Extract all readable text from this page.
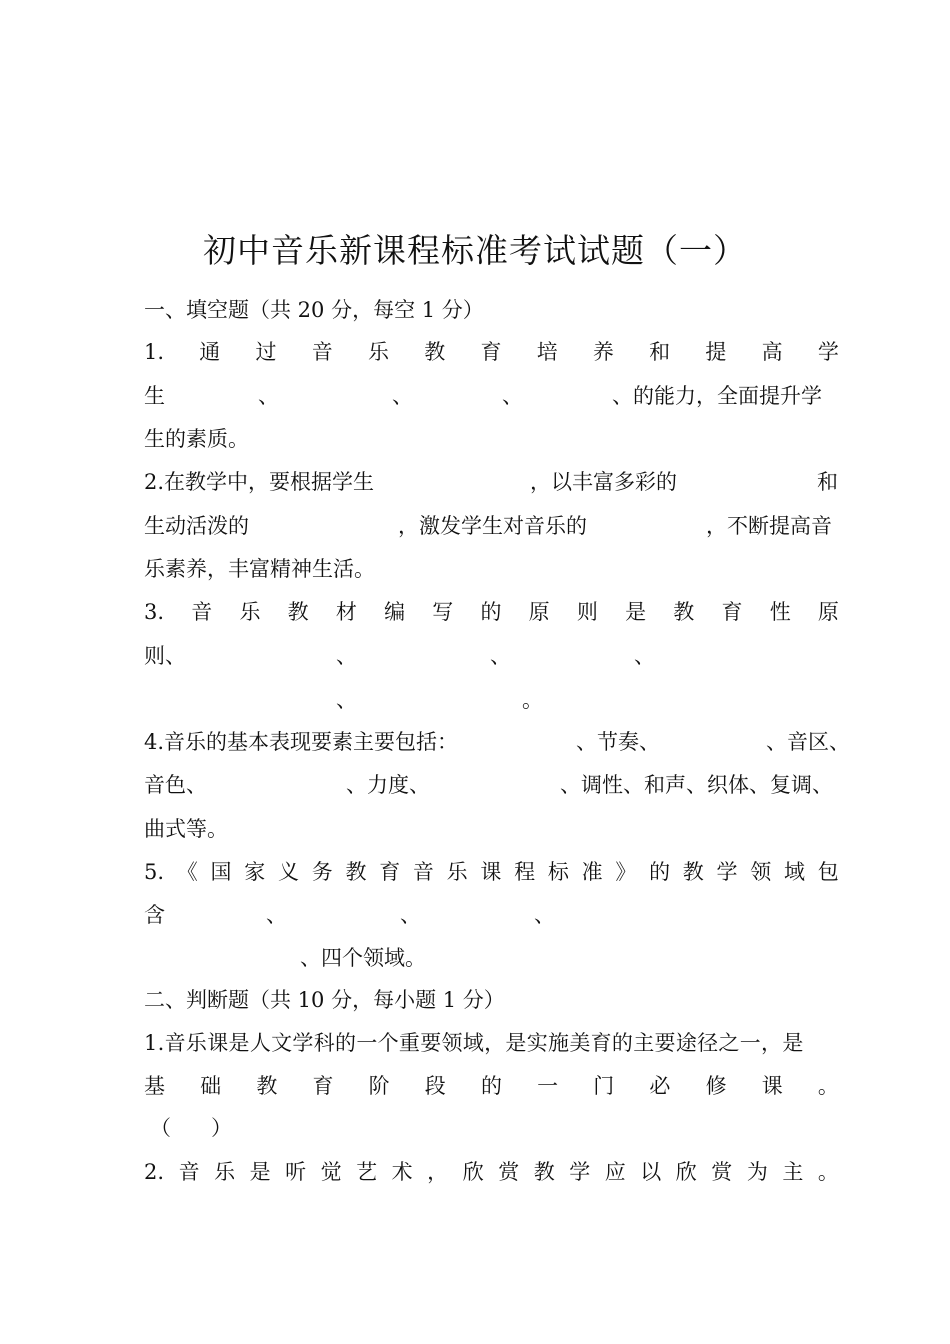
初中音乐新课程标准考试试题（一）
一、填空题（共 20 分，每空 1 分）
1. 通 过 音 乐 教 育 培 养 和 提 高 学
生	、	、	、	、的能力，全面提升学
生的素质。
2.在教学中，要根据学生	，以丰富多彩的	和
生动活泼的	，激发学生对音乐的	，不断提高音
乐素养，丰富精神生活。
3. 音 乐 教 材 编 写 的 原 则 是 教 育 性 原
则、	、	、	、
、	。
4.音乐的基本表现要素主要包括：	、节奏、	、音区、
音色、	、力度、	、调性、和声、织体、复调、
曲式等。
5. 《 国 家 义 务 教 育 音 乐 课 程 标 准 》 的 教 学 领 域 包
含	、	、	、
、四个领域。
二、判断题（共 10 分，每小题 1 分）
1.音乐课是人文学科的一个重要领域，是实施美育的主要途径之一，是
基 础 教 育 阶 段 的 一 门 必 修 课 。
（      ）
2. 音 乐 是 听 觉 艺 术 ， 欣 赏 教 学 应 以 欣 赏 为 主 。
